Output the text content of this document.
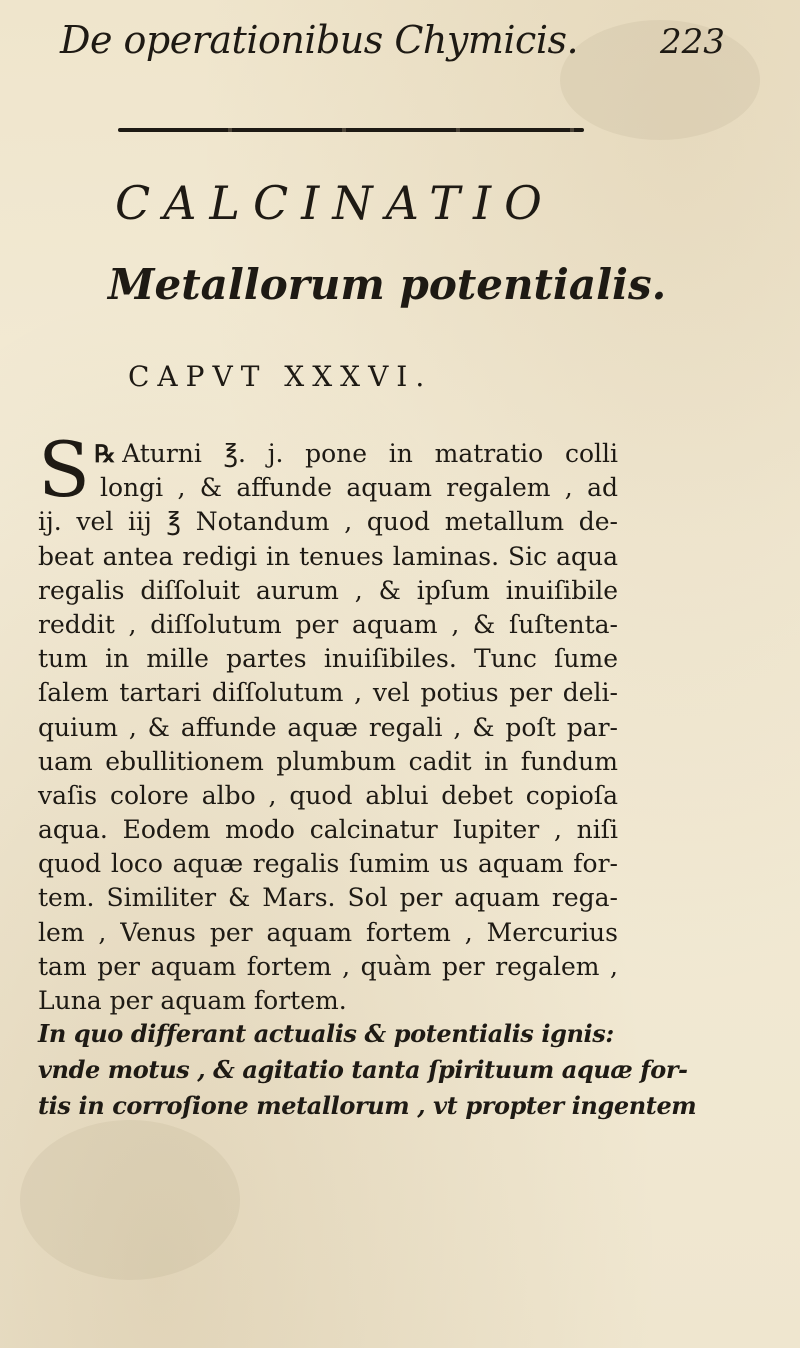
De operationibus Chymicis.	223
CALCINATIO
Metallorum potentialis.
CAPVT XXXVI.
℞
S Aturni ℥. j. pone in matratio colli
longi , & affunde aquam regalem , ad
ij. vel iij ℥ Notandum , quod metallum de-
beat antea redigi in tenues laminas. Sic aqua
regalis diſſoluit aurum , & ipſum inuiſibile
reddit , diſſolutum per aquam , & ſuſtenta-
tum in mille partes inuiſibiles. Tunc ſume
ſalem tartari diſſolutum , vel potius per deli-
quium , & affunde aquæ regali , & poſt par-
uam ebullitionem plumbum cadit in fundum
vaſis colore albo , quod ablui debet copioſa
aqua. Eodem modo calcinatur Iupiter , niſi
quod loco aquæ regalis ſumim us aquam for-
tem. Similiter & Mars. Sol per aquam rega-
lem , Venus per aquam fortem , Mercurius
tam per aquam fortem , quàm per regalem ,
Luna per aquam fortem.
In quo differant actualis & potentialis ignis:
vnde motus , & agitatio tanta ſpirituum aquæ for-
tis in corroſione metallorum , vt propter ingentem
